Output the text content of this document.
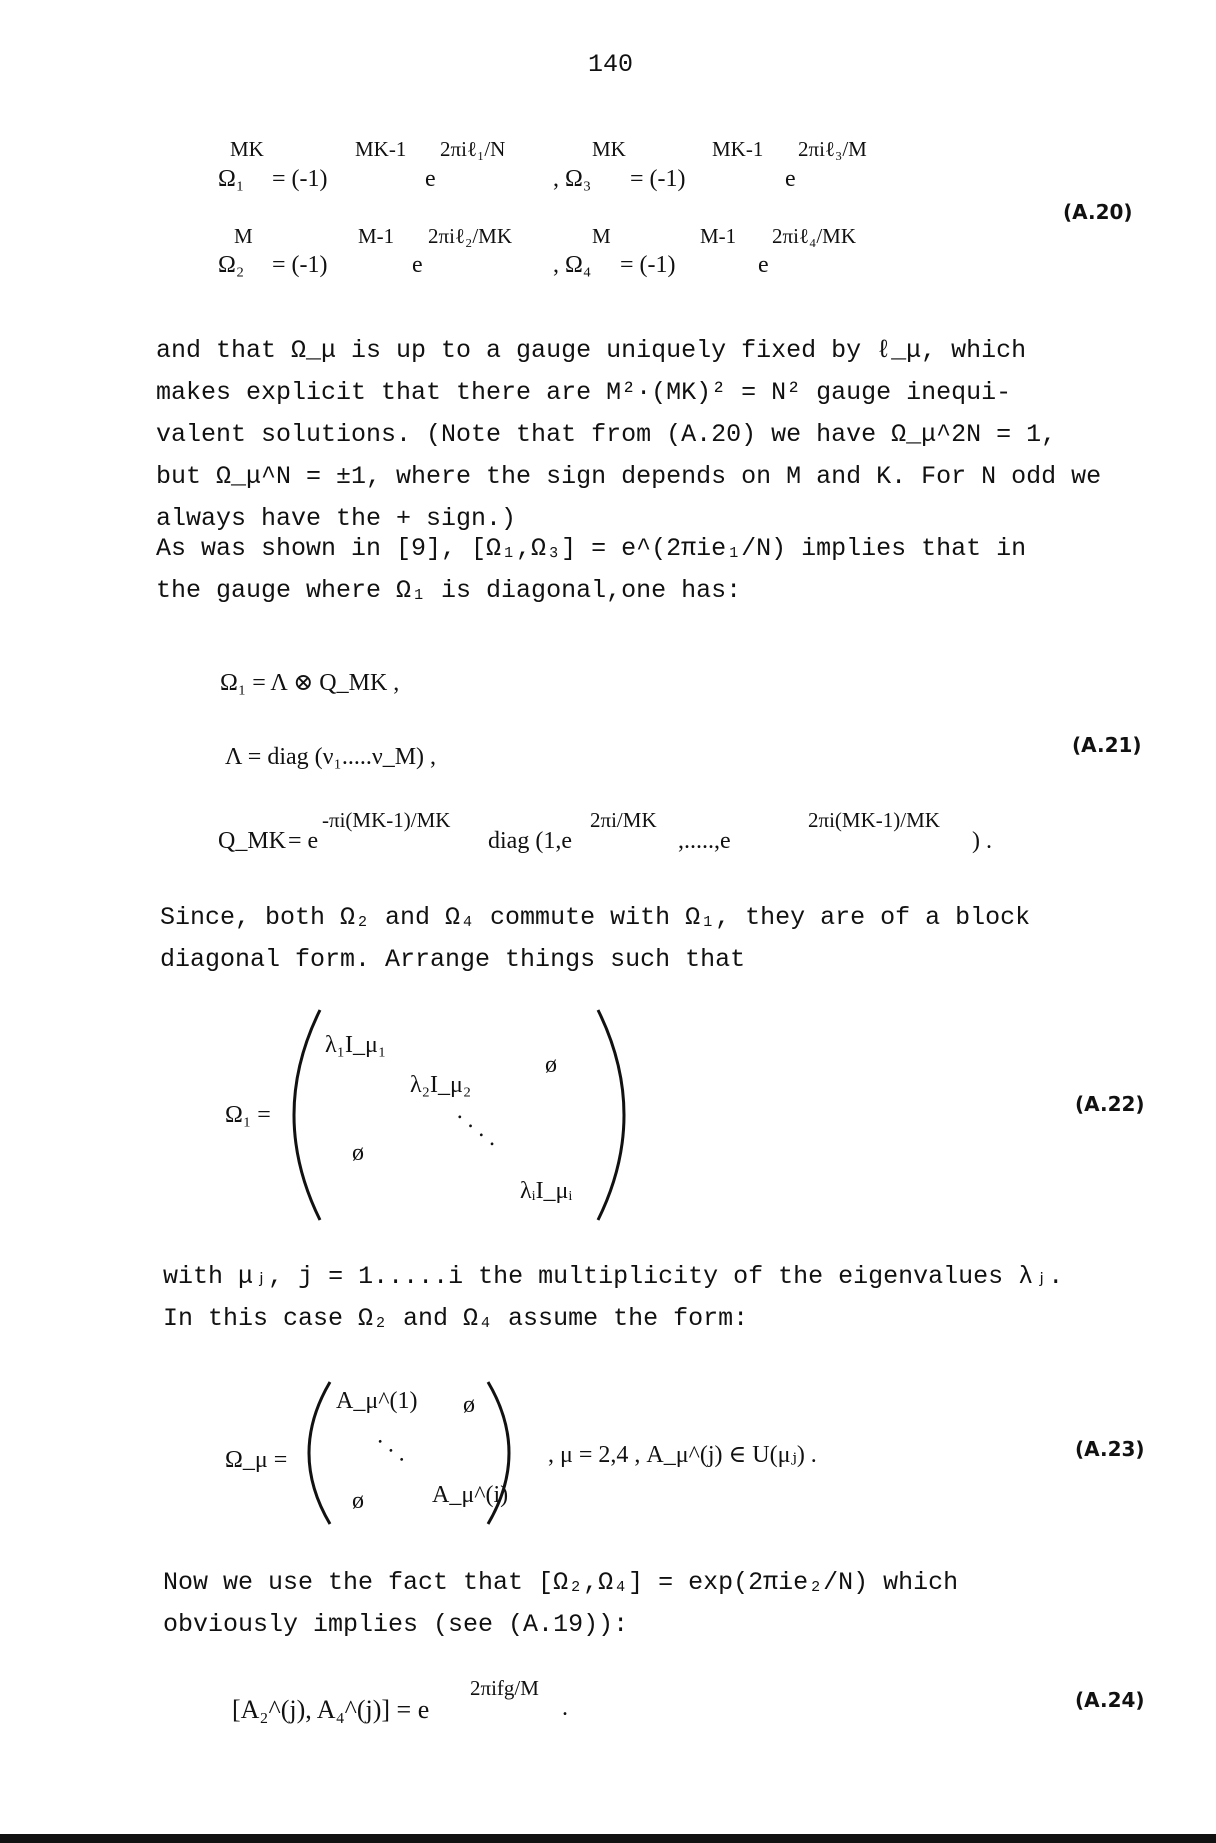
140
MK
Ω₁ = (-1)
MK-1
e
2πiℓ₁/N
, Ω₃
MK
= (-1)
MK-1
e
2πiℓ₃/M
M
Ω₂ = (-1)
M-1
e
2πiℓ₂/MK
, Ω₄
M
= (-1)
M-1
e
2πiℓ₄/MK
(A.20)
and that Ω_μ is up to a gauge uniquely fixed by ℓ_μ, which
makes explicit that there are M²·(MK)² = N² gauge inequi-
valent solutions. (Note that from (A.20) we have Ω_μ^2N = 1,
but Ω_μ^N = ±1, where the sign depends on M and K. For N odd we
always have the + sign.)
As was shown in [9], [Ω₁,Ω₃] = e^(2πie₁/N) implies that in
the gauge where Ω₁ is diagonal,one has:
Ω₁ = Λ ⊗ Q_MK ,
Λ = diag (ν₁.....ν_M) ,
Q_MK = e
-πi(MK-1)/MK
diag (1,e
2πi/MK
,.....,e
2πi(MK-1)/MK
) .
(A.21)
Since, both Ω₂ and Ω₄ commute with Ω₁, they are of a block
diagonal form. Arrange things such that
Ω₁ =
λ₁I_μ₁
λ₂I_μ₂
ø
ø	· · · ·
λᵢI_μᵢ
(A.22)
with μⱼ, j = 1.....i the multiplicity of the eigenvalues λⱼ.
In this case Ω₂ and Ω₄ assume the form:
Ω_μ =
A_μ^(1) ø
· · ·
ø	A_μ^(i)
, μ = 2,4 , A_μ^(j) ∈ U(μⱼ) .	(A.23)
Now we use the fact that [Ω₂,Ω₄] = exp(2πie₂/N) which
obviously implies (see (A.19)):
[A₂^(j), A₄^(j)] = e
2πifg/M
.	(A.24)
